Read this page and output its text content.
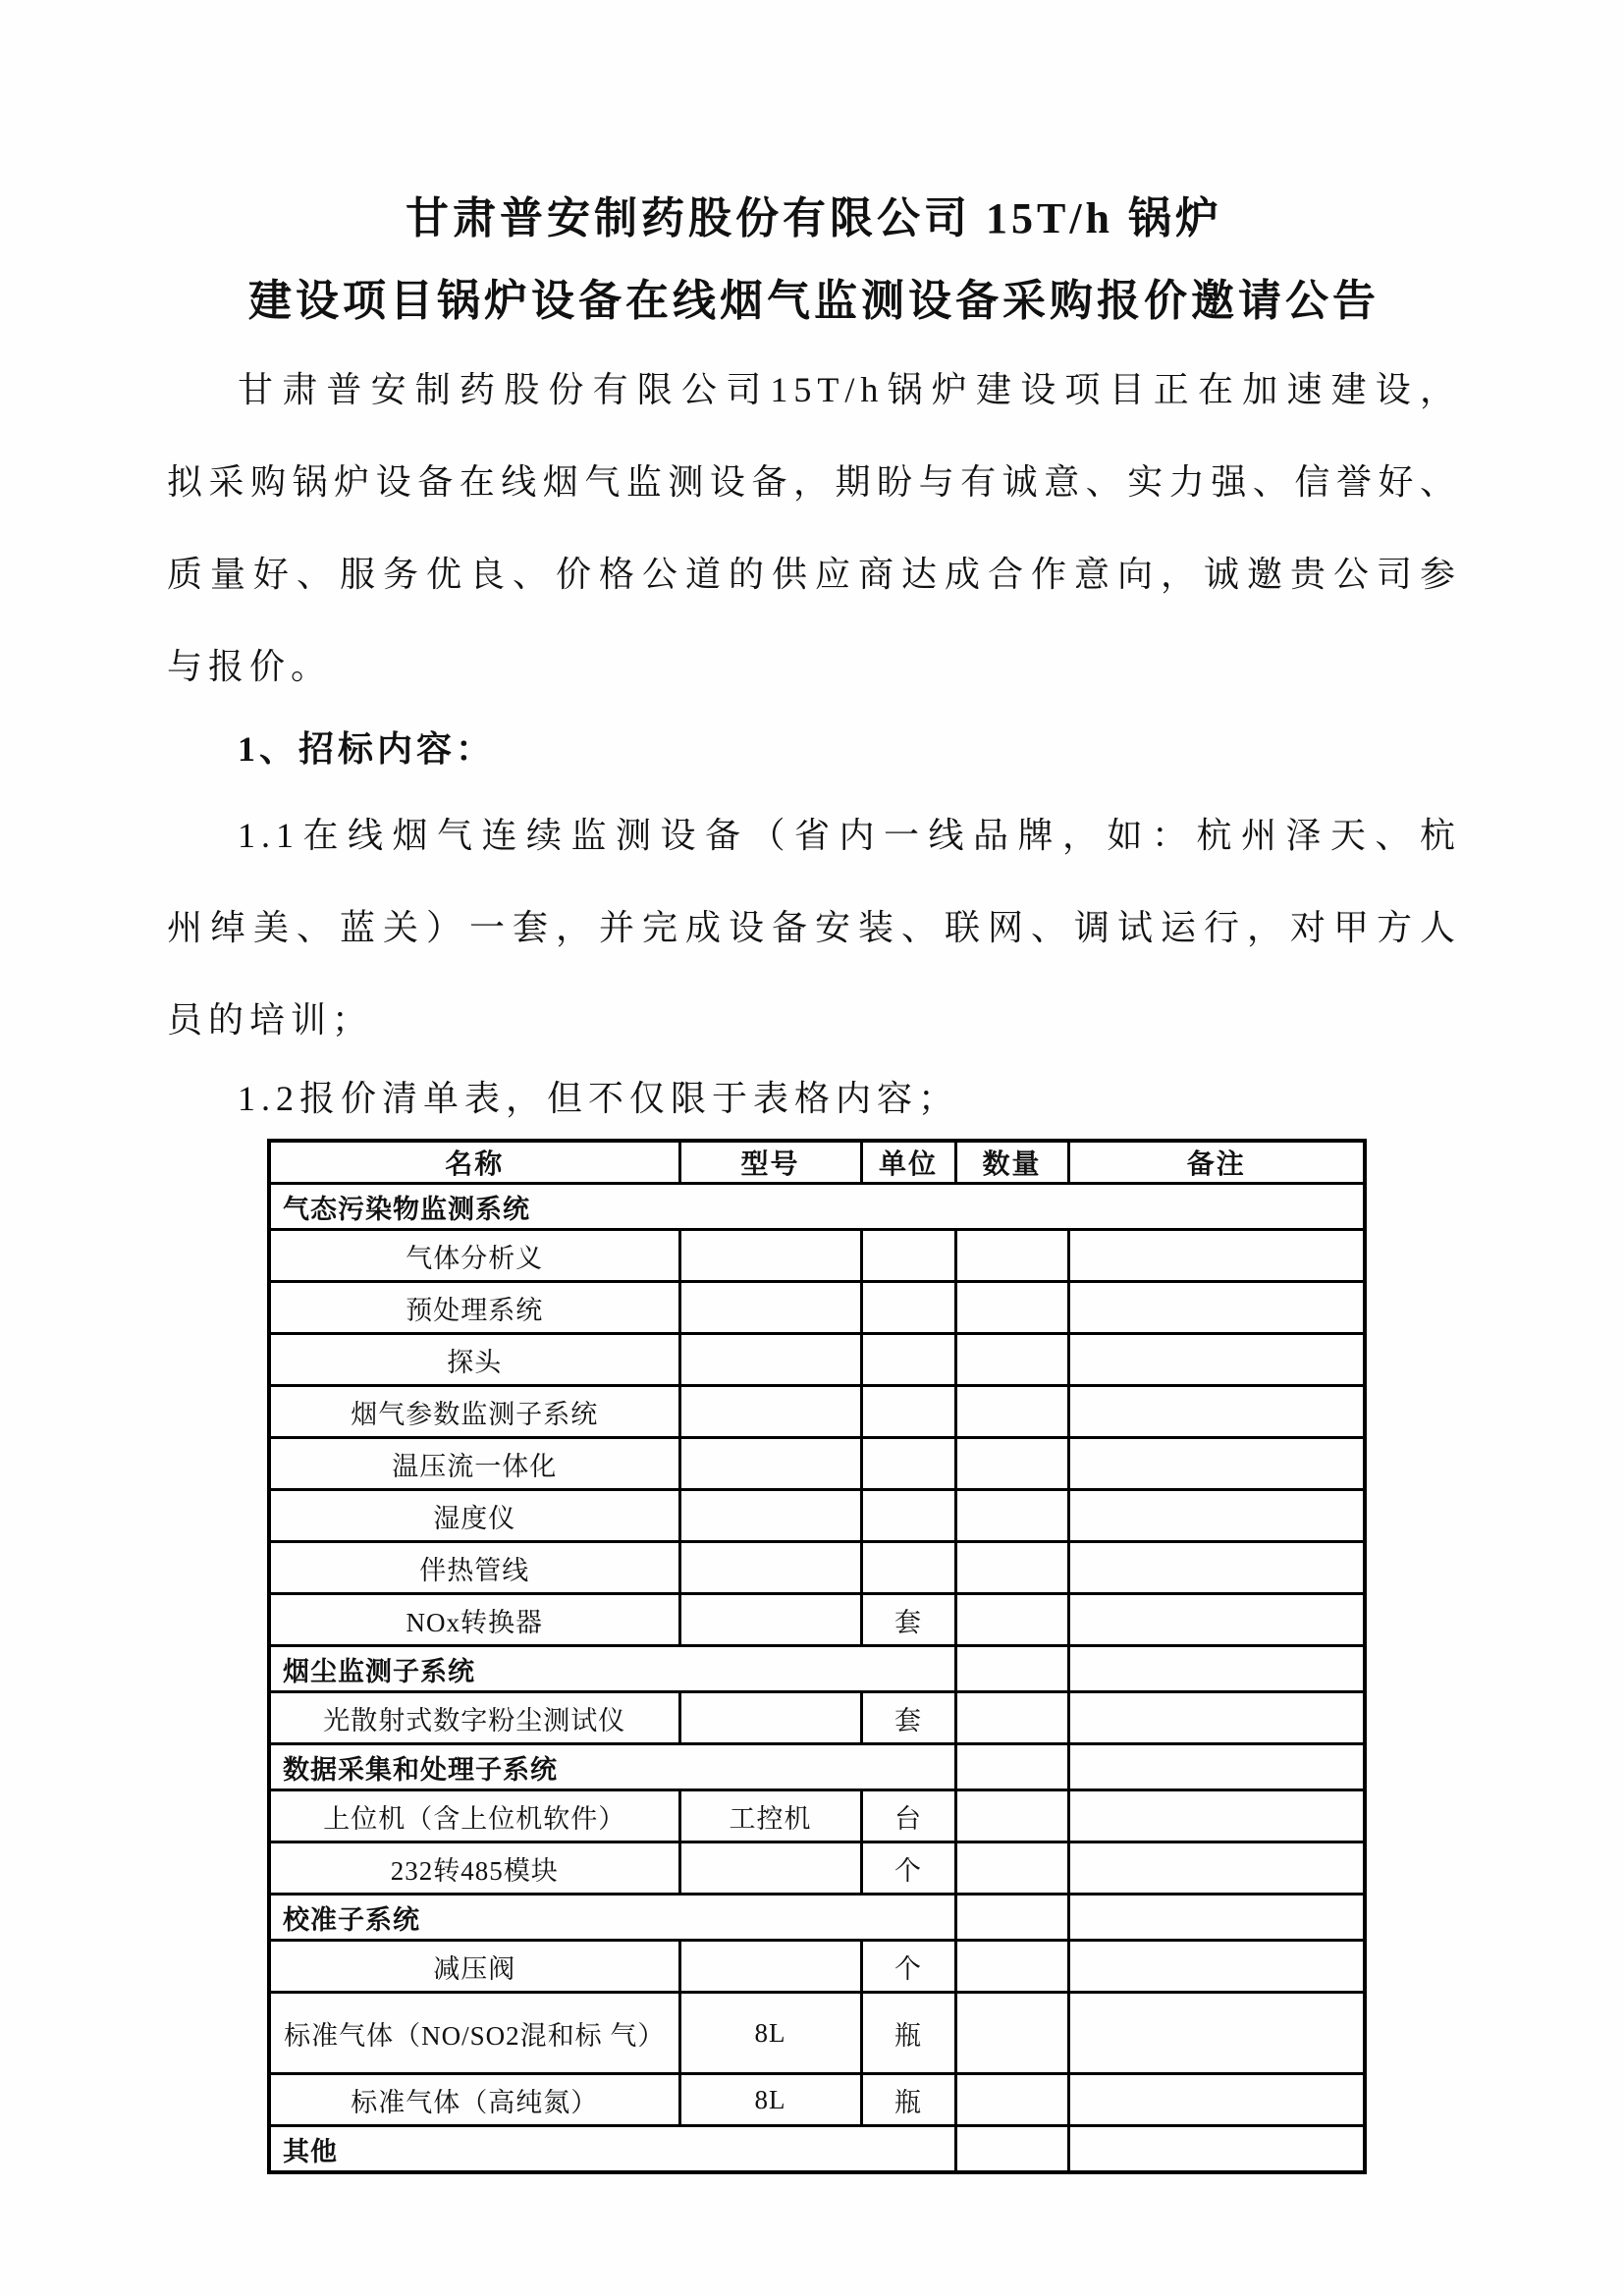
甘肃普安制药股份有限公司 15T/h 锅炉
建设项目锅炉设备在线烟气监测设备采购报价邀请公告
甘肃普安制药股份有限公司15T/h锅炉建设项目正在加速建设，
拟采购锅炉设备在线烟气监测设备，期盼与有诚意、实力强、信誉好、
质量好、服务优良、价格公道的供应商达成合作意向，诚邀贵公司参
与报价。
1、招标内容：
1.1在线烟气连续监测设备（省内一线品牌，如：杭州泽天、杭
州绰美、蓝关）一套，并完成设备安装、联网、调试运行，对甲方人
员的培训；
1.2报价清单表，但不仅限于表格内容；
名称	型号	单位	数量	备注
气态污染物监测系统				
气体分析义				
预处理系统				
探头				
烟气参数监测子系统				
温压流一体化				
湿度仪				
伴热管线				
NOx转换器		套		
烟尘监测子系统				
光散射式数字粉尘测试仪		套		
数据采集和处理子系统				
上位机（含上位机软件）	工控机	台		
232转485模块		个		
校准子系统				
减压阀		个		
标准气体（NO/SO2混和标 气）	8L	瓶		
标准气体（高纯氮）	8L	瓶		
其他				
